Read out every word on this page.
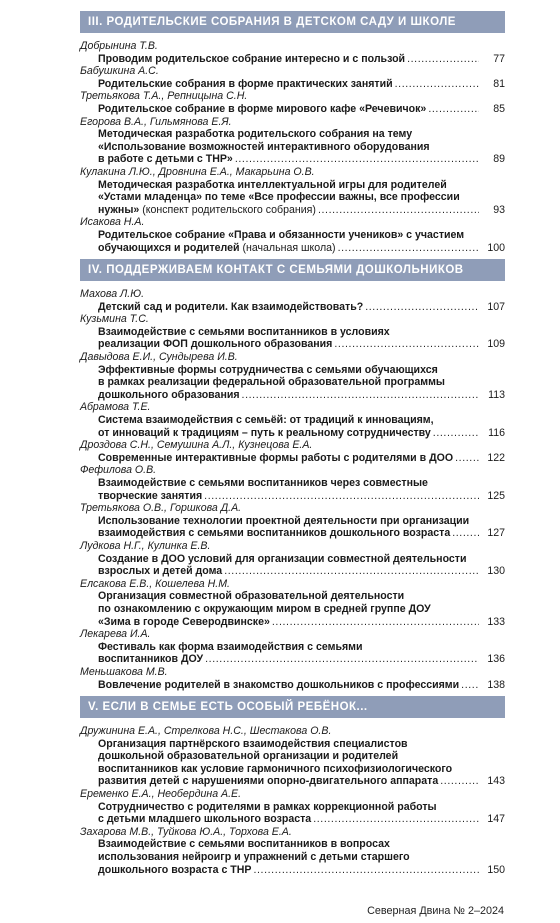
III. РОДИТЕЛЬСКИЕ СОБРАНИЯ В ДЕТСКОМ САДУ И ШКОЛЕ
Добрынина Т.В.
Проводим родительское собрание интересно и с пользой .....	77
Бабушкина А.С.
Родительские собрания в форме практических занятий .....	81
Третьякова Т.А., Репницына С.Н.
Родительское собрание в форме мирового кафе «Речевичок» .....	85
Егорова В.А., Гильмянова Е.Я.
Методическая разработка родительского собрания на тему
«Использование возможностей интерактивного оборудования
в работе с детьми с ТНР» .....	89
Кулакина Л.Ю., Дровнина Е.А., Макарьина О.В.
Методическая разработка интеллектуальной игры для родителей
«Устами младенца» по теме «Все профессии важны, все профессии
нужны» (конспект родительского собрания) .....	93
Исакова Н.А.
Родительское собрание «Права и обязанности учеников» с участием
обучающихся и родителей (начальная школа) .....	100
IV. ПОДДЕРЖИВАЕМ КОНТАКТ С СЕМЬЯМИ ДОШКОЛЬНИКОВ
Махова Л.Ю.
Детский сад и родители. Как взаимодействовать? .....	107
Кузьмина Т.С.
Взаимодействие с семьями воспитанников в условиях
реализации ФОП дошкольного образования .....	109
Давыдова Е.И., Сундырева И.В.
Эффективные формы сотрудничества с семьями обучающихся
в рамках реализации федеральной образовательной программы
дошкольного образования .....	113
Абрамова Т.Е.
Система взаимодействия с семьёй: от традиций к инновациям,
от инноваций к традициям – путь к реальному сотрудничеству .....	116
Дроздова С.Н., Семушина А.Л., Кузнецова Е.А.
Современные интерактивные формы работы с родителями в ДОО .....	122
Фефилова О.В.
Взаимодействие с семьями воспитанников через совместные
творческие занятия .....	125
Третьякова О.В., Горшкова Д.А.
Использование технологии проектной деятельности при организации
взаимодействия с семьями воспитанников дошкольного возраста .....	127
Лудкова Н.Г., Кулинка Е.В.
Создание в ДОО условий для организации совместной деятельности
взрослых и детей дома .....	130
Елсакова Е.В., Кошелева Н.М.
Организация совместной образовательной деятельности
по ознакомлению с окружающим миром в средней группе ДОУ
«Зима в городе Северодвинске» .....	133
Лекарева И.А.
Фестиваль как форма взаимодействия с семьями
воспитанников ДОУ .....	136
Меньшакова М.В.
Вовлечение родителей в знакомство дошкольников с профессиями .....	138
V. ЕСЛИ В СЕМЬЕ ЕСТЬ ОСОБЫЙ РЕБЁНОК...
Дружинина Е.А., Стрелкова Н.С., Шестакова О.В.
Организация партнёрского взаимодействия специалистов
дошкольной образовательной организации и родителей
воспитанников как условие гармоничного психофизиологического
развития детей с нарушениями опорно-двигательного аппарата .....	143
Еременко Е.А., Необердина А.Е.
Сотрудничество с родителями в рамках коррекционной работы
с детьми младшего школьного возраста .....	147
Захарова М.В., Туйкова Ю.А., Торхова Е.А.
Взаимодействие с семьями воспитанников в вопросах
использования нейроигр и упражнений с детьми старшего
дошкольного возраста с ТНР .....	150
Северная Двина № 2–2024
